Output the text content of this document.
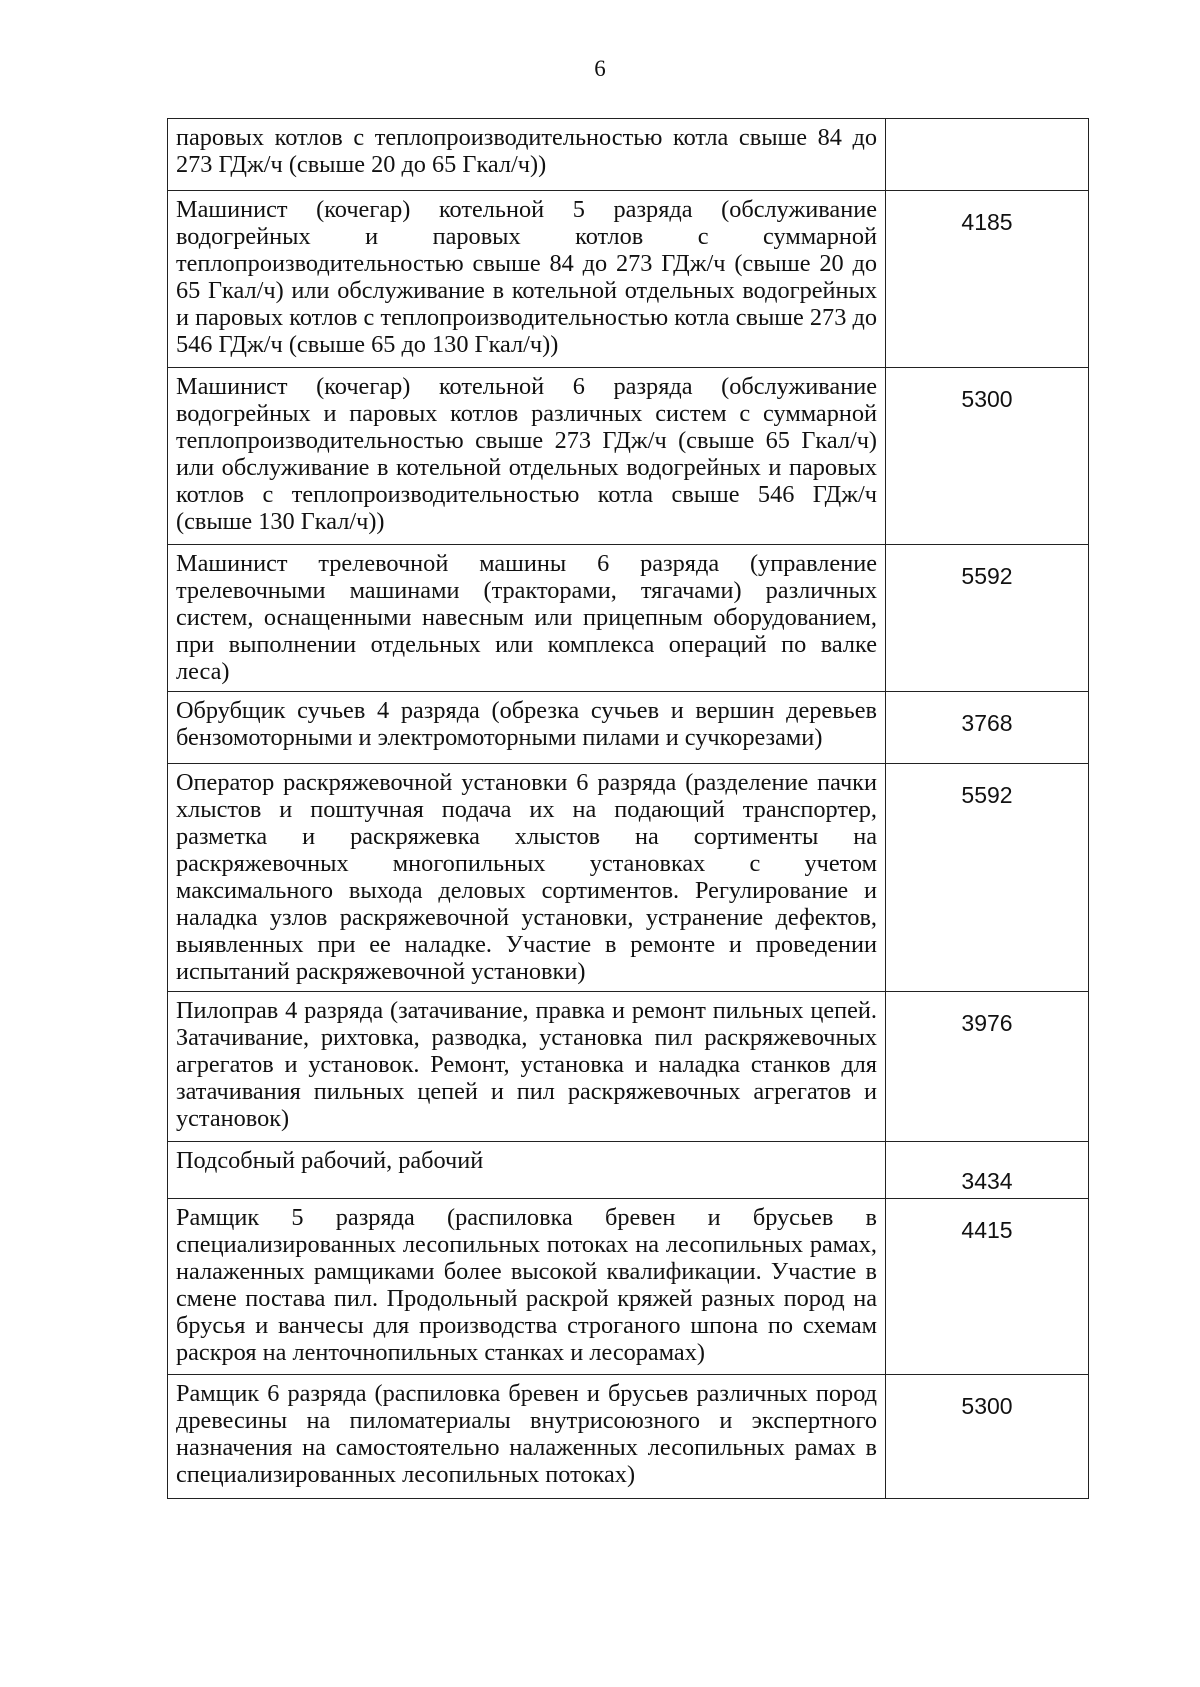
6
паровых котлов с теплопроизводительностью котла свыше 84 до 273 ГДж/ч (свыше 20 до 65 Гкал/ч))	
Машинист (кочегар) котельной 5 разряда (обслуживание водогрейных и паровых котлов с суммарной теплопроизводительностью свыше 84 до 273 ГДж/ч (свыше 20 до 65 Гкал/ч) или обслуживание в котельной отдельных водогрейных и паровых котлов с теплопроизводительностью котла свыше 273 до 546 ГДж/ч (свыше 65 до 130 Гкал/ч))	4185
Машинист (кочегар) котельной 6 разряда (обслуживание водогрейных и паровых котлов различных систем с суммарной теплопроизводительностью свыше 273 ГДж/ч (свыше 65 Гкал/ч) или обслуживание в котельной отдельных водогрейных и паровых котлов с теплопроизводительностью котла свыше 546 ГДж/ч (свыше 130 Гкал/ч))	5300
Машинист трелевочной машины 6 разряда (управление трелевочными машинами (тракторами, тягачами) различных систем, оснащенными навесным или прицепным оборудованием, при выполнении отдельных или комплекса операций по валке леса)	5592
Обрубщик сучьев 4 разряда (обрезка сучьев и вершин деревьев бензомоторными и электромоторными пилами и сучкорезами)	3768
Оператор раскряжевочной установки 6 разряда (разделение пачки хлыстов и поштучная подача их на подающий транспортер, разметка и раскряжевка хлыстов на сортименты на раскряжевочных многопильных установках с учетом максимального выхода деловых сортиментов. Регулирование и наладка узлов раскряжевочной установки, устранение дефектов, выявленных при ее наладке. Участие в ремонте и проведении испытаний раскряжевочной установки)	5592
Пилоправ 4 разряда (затачивание, правка и ремонт пильных цепей. Затачивание, рихтовка, разводка, установка пил раскряжевочных агрегатов и установок. Ремонт, установка и наладка станков для затачивания пильных цепей и пил раскряжевочных агрегатов и установок)	3976
Подсобный рабочий, рабочий	3434
Рамщик 5 разряда (распиловка бревен и брусьев в специализированных лесопильных потоках на лесопильных рамах, налаженных рамщиками более высокой квалификации. Участие в смене постава пил. Продольный раскрой кряжей разных пород на брусья и ванчесы для производства строганого шпона по схемам раскроя на ленточнопильных станках и лесорамах)	4415
Рамщик 6 разряда (распиловка бревен и брусьев различных пород древесины на пиломатериалы внутрисоюзного и экспертного назначения на самостоятельно налаженных лесопильных рамах в специализированных лесопильных потоках)	5300
